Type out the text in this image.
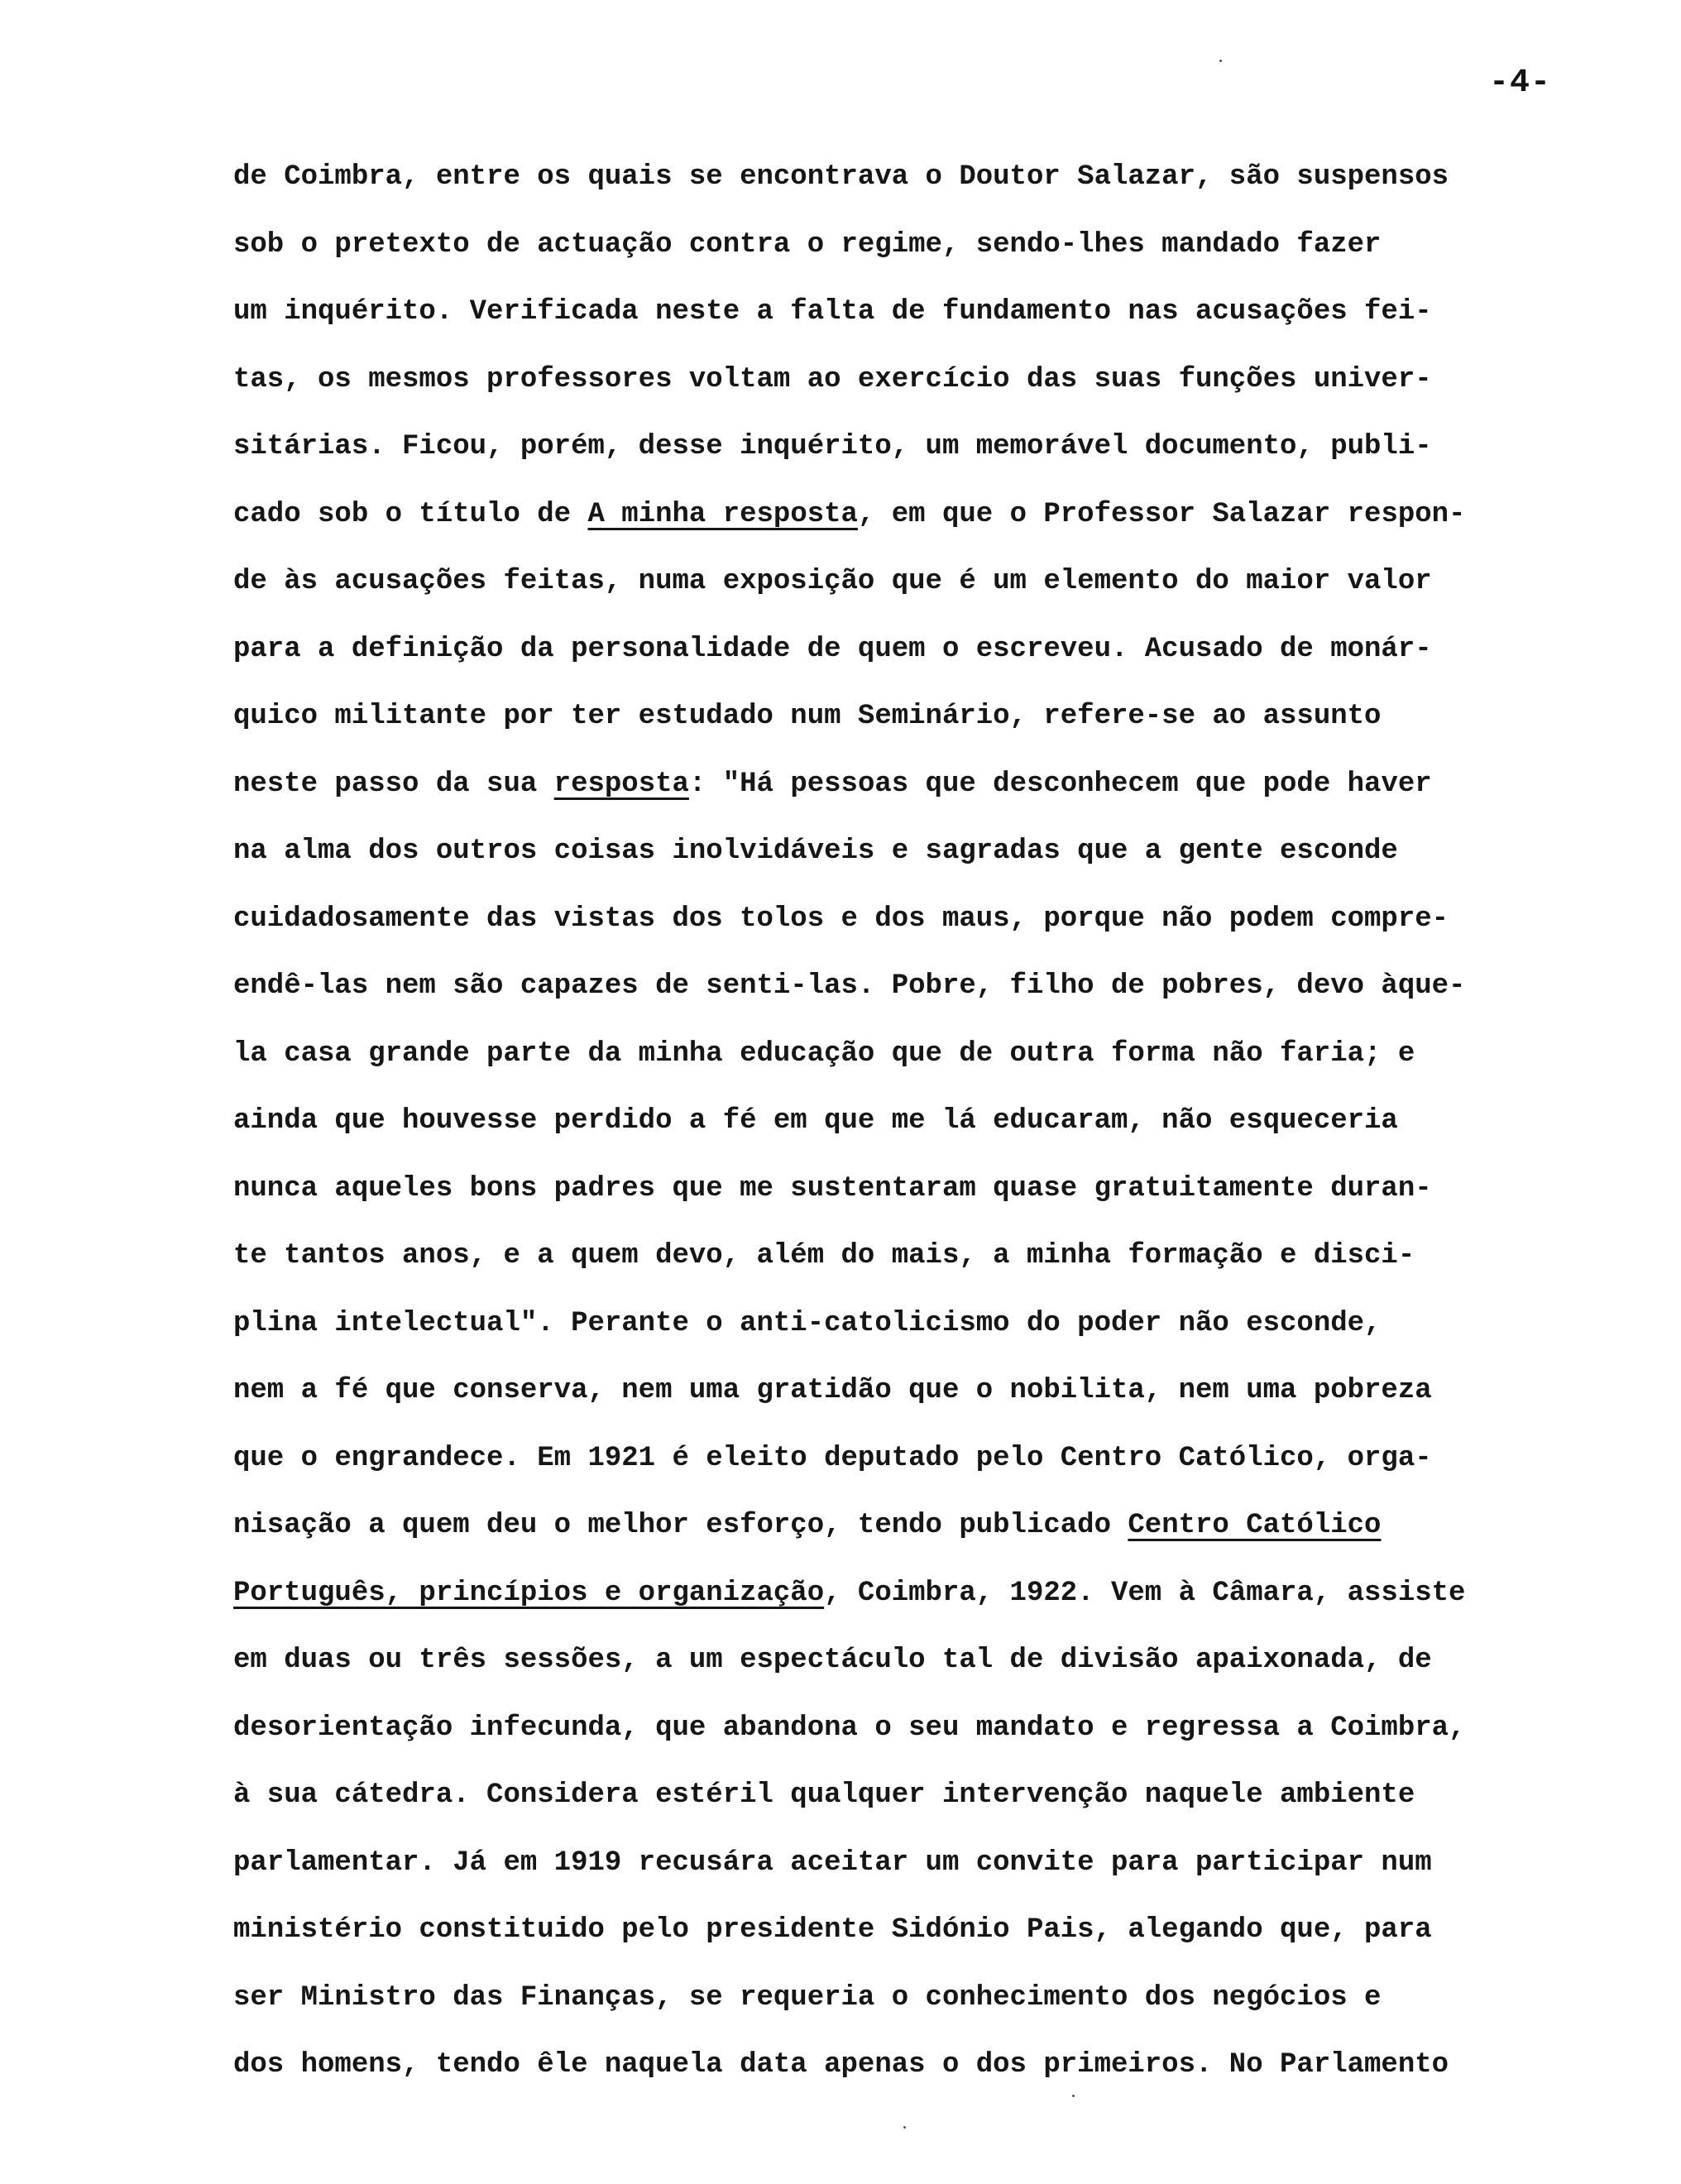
-4-
de Coimbra, entre os quais se encontrava o Doutor Salazar, são suspensos
sob o pretexto de actuação contra o regime, sendo-lhes mandado fazer
um inquérito. Verificada neste a falta de fundamento nas acusações fei-
tas, os mesmos professores voltam ao exercício das suas funções univer-
sitárias. Ficou, porém, desse inquérito, um memorável documento, publi-
cado sob o título de A minha resposta, em que o Professor Salazar respon-
de às acusações feitas, numa exposição que é um elemento do maior valor
para a definição da personalidade de quem o escreveu. Acusado de monár-
quico militante por ter estudado num Seminário, refere-se ao assunto
neste passo da sua resposta: "Há pessoas que desconhecem que pode haver
na alma dos outros coisas inolvidáveis e sagradas que a gente esconde
cuidadosamente das vistas dos tolos e dos maus, porque não podem compre-
endê-las nem são capazes de senti-las. Pobre, filho de pobres, devo àque-
la casa grande parte da minha educação que de outra forma não faria; e
ainda que houvesse perdido a fé em que me lá educaram, não esqueceria
nunca aqueles bons padres que me sustentaram quase gratuitamente duran-
te tantos anos, e a quem devo, além do mais, a minha formação e disci-
plina intelectual". Perante o anti-catolicismo do poder não esconde,
nem a fé que conserva, nem uma gratidão que o nobilita, nem uma pobreza
que o engrandece. Em 1921 é eleito deputado pelo Centro Católico, orga-
nisação a quem deu o melhor esforço, tendo publicado Centro Católico
Português, princípios e organização, Coimbra, 1922. Vem à Câmara, assiste
em duas ou três sessões, a um espectáculo tal de divisão apaixonada, de
desorientação infecunda, que abandona o seu mandato e regressa a Coimbra,
à sua cátedra. Considera estéril qualquer intervenção naquele ambiente
parlamentar. Já em 1919 recusára aceitar um convite para participar num
ministério constituido pelo presidente Sidónio Pais, alegando que, para
ser Ministro das Finanças, se requeria o conhecimento dos negócios e
dos homens, tendo êle naquela data apenas o dos primeiros. No Parlamento
